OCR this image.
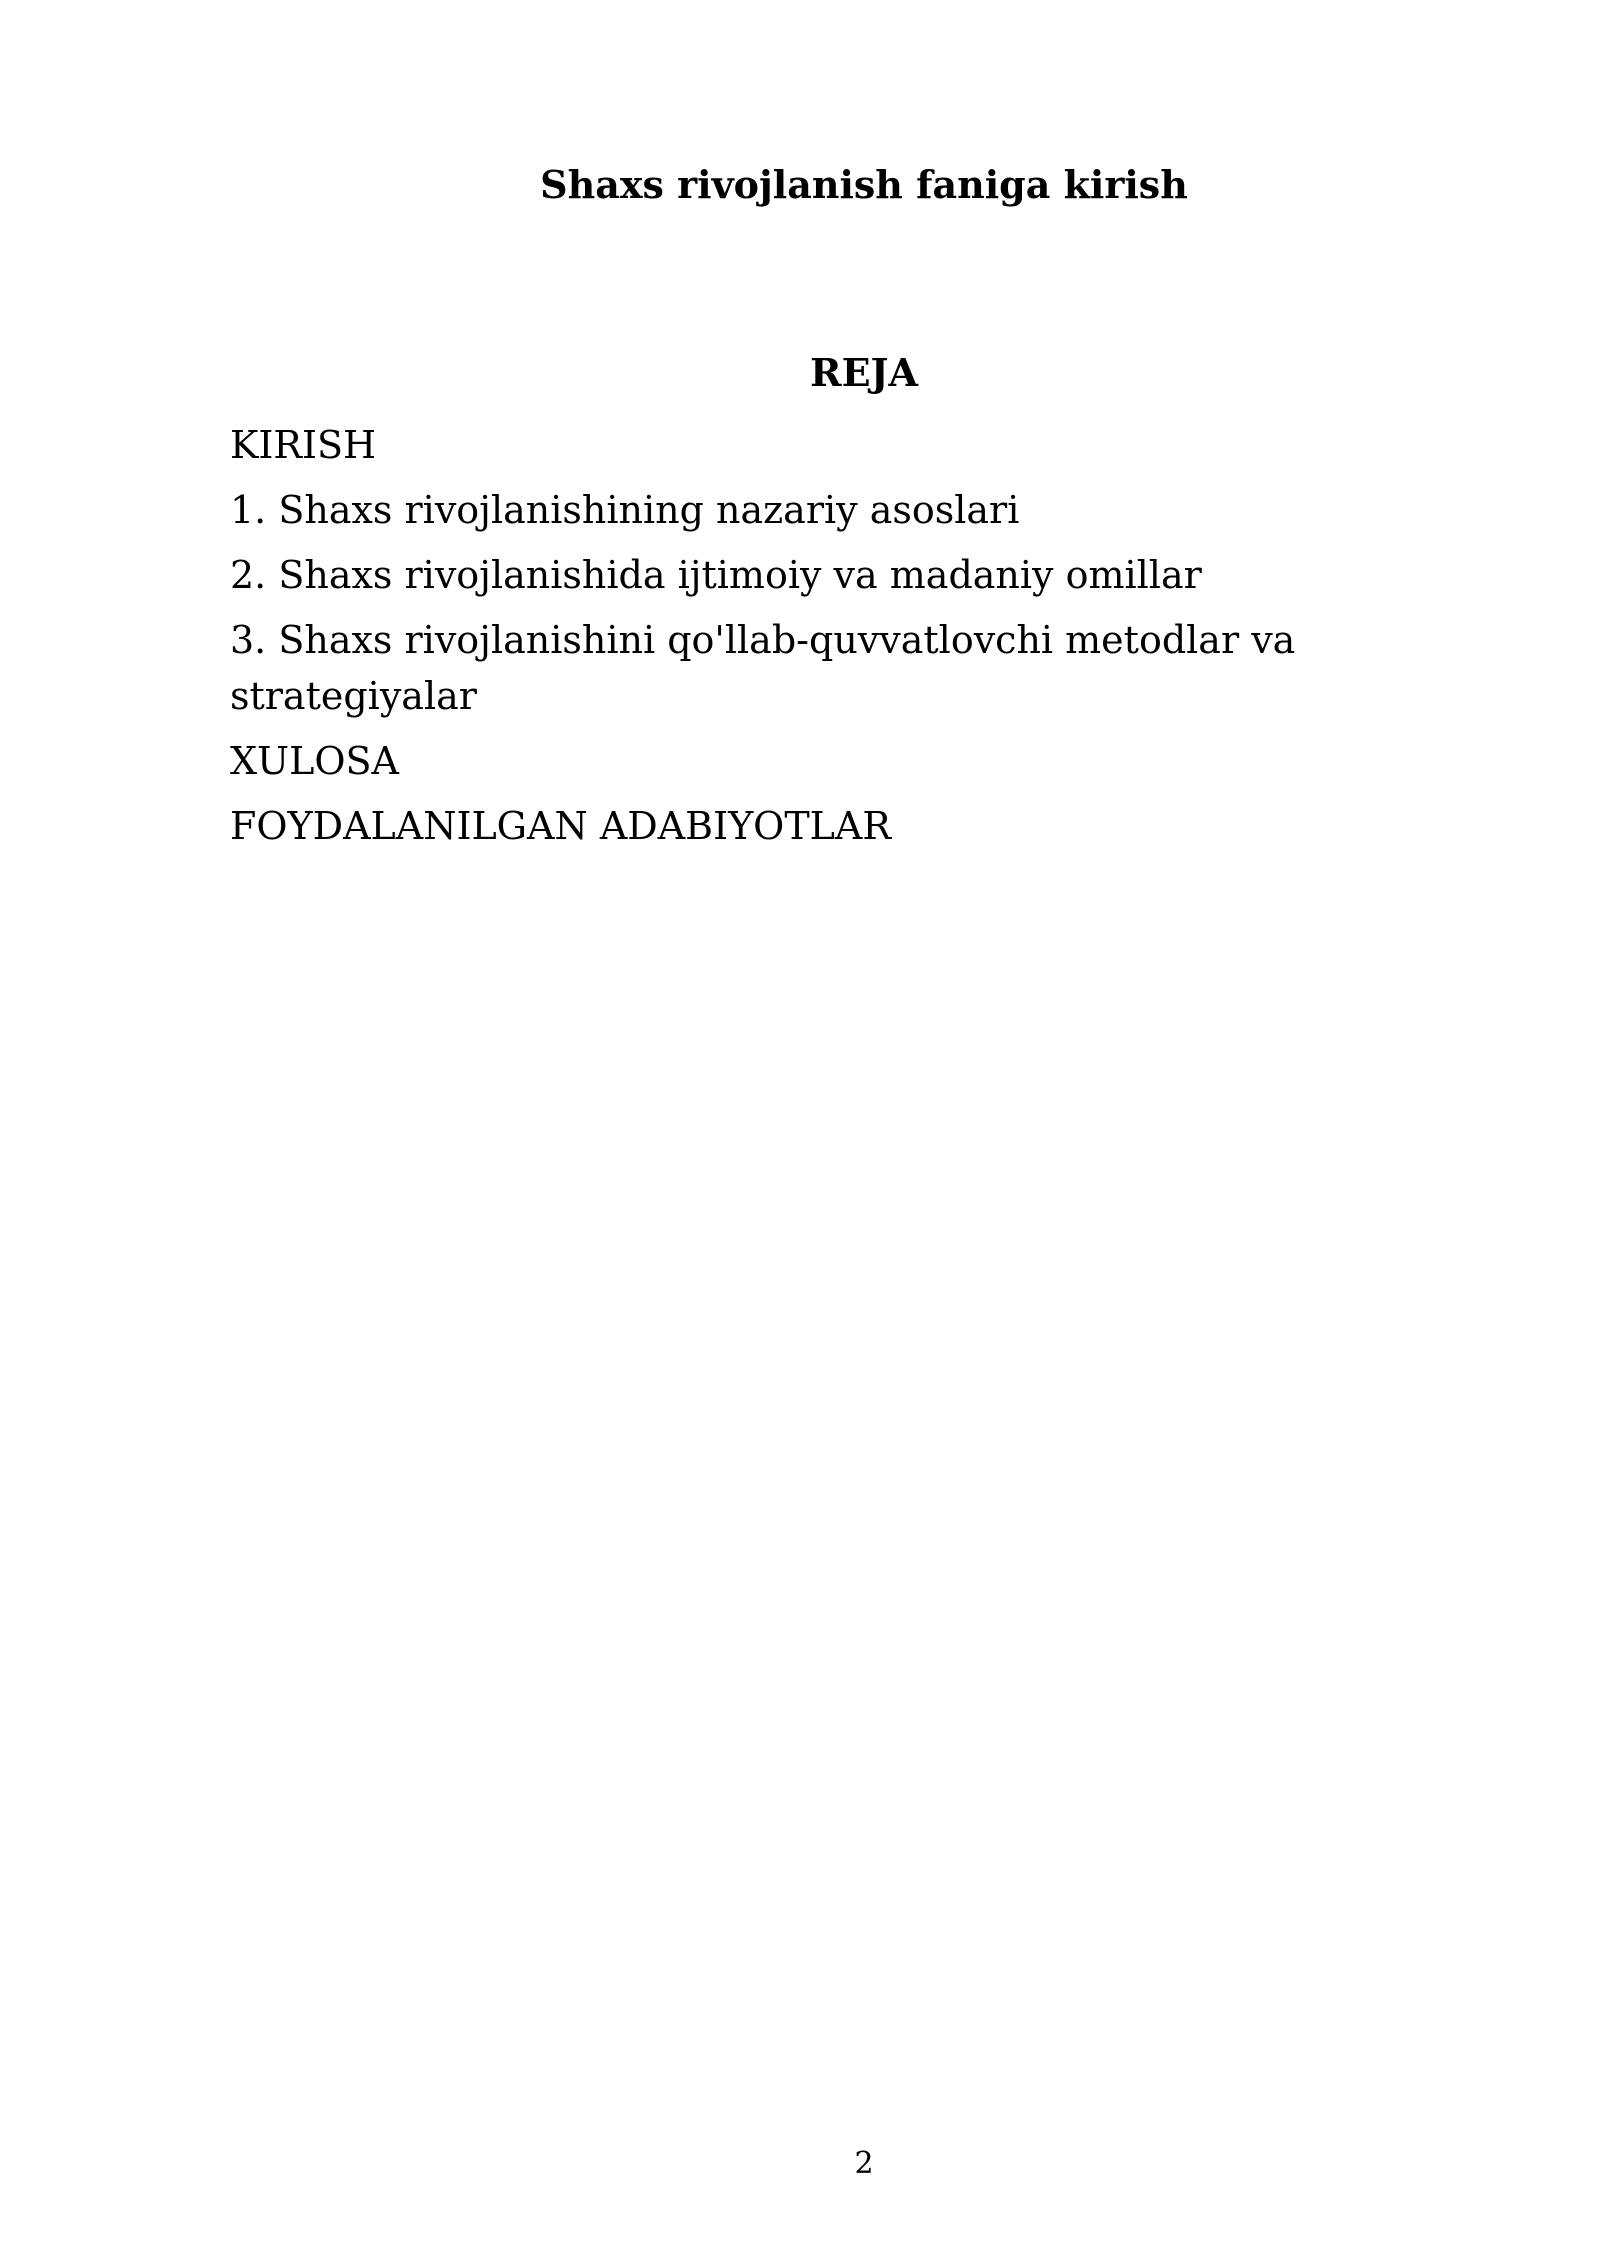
Shaxs rivojlanish faniga kirish
REJA
KIRISH
1. Shaxs rivojlanishining nazariy asoslari
2. Shaxs rivojlanishida ijtimoiy va madaniy omillar
3. Shaxs rivojlanishini qo'llab-quvvatlovchi metodlar va strategiyalar
XULOSA
FOYDALANILGAN ADABIYOTLAR
2
